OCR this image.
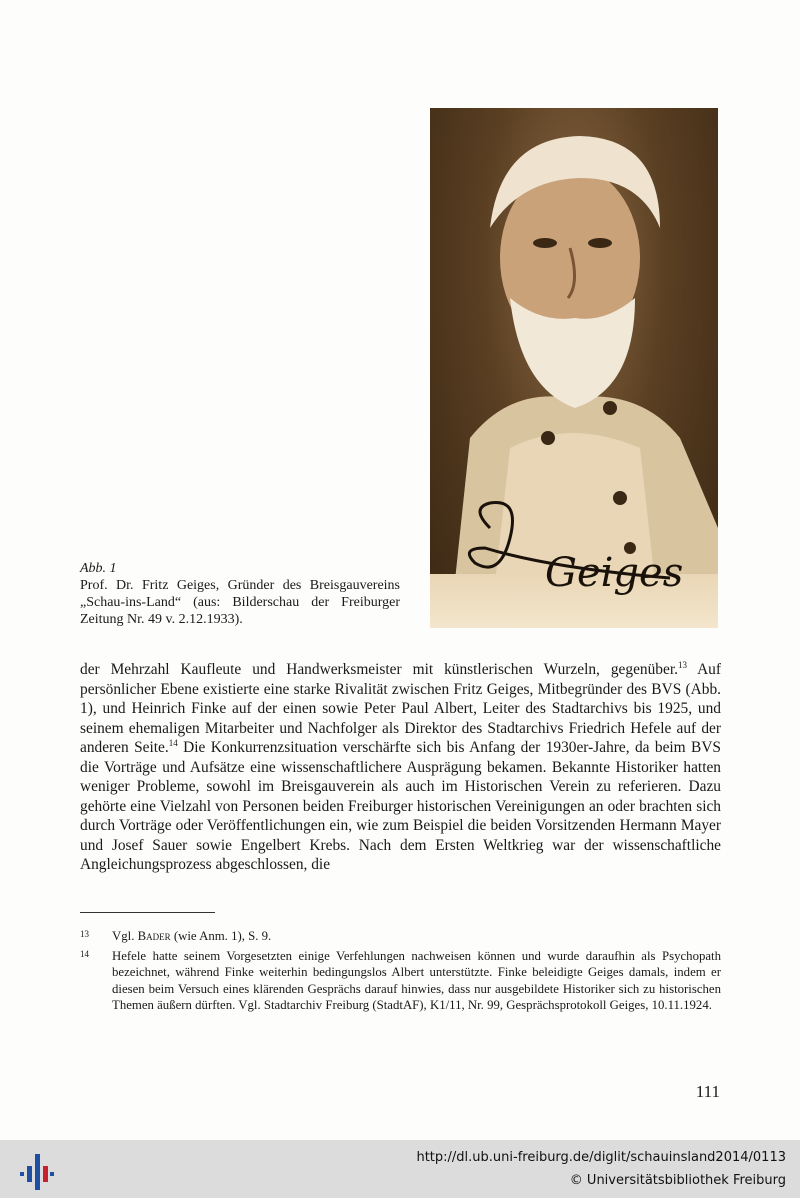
Geiges
Abb. 1
Prof. Dr. Fritz Geiges, Gründer des Breisgauvereins „Schau-ins-Land“ (aus: Bilderschau der Freiburger Zeitung Nr. 49 v. 2.12.1933).

der Mehrzahl Kaufleute und Handwerksmeister mit künstlerischen Wurzeln, gegenüber.$^{13}$ Auf persönlicher Ebene existierte eine starke Rivalität zwischen Fritz Geiges, Mitbegründer des BVS (Abb. 1), und Heinrich Finke auf der einen sowie Peter Paul Albert, Leiter des Stadtarchivs bis 1925, und seinem ehemaligen Mitarbeiter und Nachfolger als Direktor des Stadtarchivs Friedrich Hefele auf der anderen Seite.$^{14}$ Die Konkurrenzsituation verschärfte sich bis Anfang der 1930er-Jahre, da beim BVS die Vorträge und Aufsätze eine wissenschaftlichere Ausprägung bekamen. Bekannte Historiker hatten weniger Probleme, sowohl im Breisgauverein als auch im Historischen Verein zu referieren. Dazu gehörte eine Vielzahl von Personen beiden Freiburger historischen Vereinigungen an oder brachten sich durch Vorträge oder Veröffentlichungen ein, wie zum Beispiel die beiden Vorsitzenden Hermann Mayer und Josef Sauer sowie Engelbert Krebs. Nach dem Ersten Weltkrieg war der wissenschaftliche Angleichungsprozess abgeschlossen, die

13	Vgl. Bader (wie Anm. 1), S. 9.
14	Hefele hatte seinem Vorgesetzten einige Verfehlungen nachweisen können und wurde daraufhin als Psychopath bezeichnet, während Finke weiterhin bedingungslos Albert unterstützte. Finke beleidigte Geiges damals, indem er diesen beim Versuch eines klärenden Gesprächs darauf hinwies, dass nur ausgebildete Historiker sich zu historischen Themen äußern dürften. Vgl. Stadtarchiv Freiburg (StadtAF), K1/11, Nr. 99, Gesprächsprotokoll Geiges, 10.11.1924.
111
http://dl.ub.uni-freiburg.de/diglit/schauinsland2014/0113
© Universitätsbibliothek Freiburg
